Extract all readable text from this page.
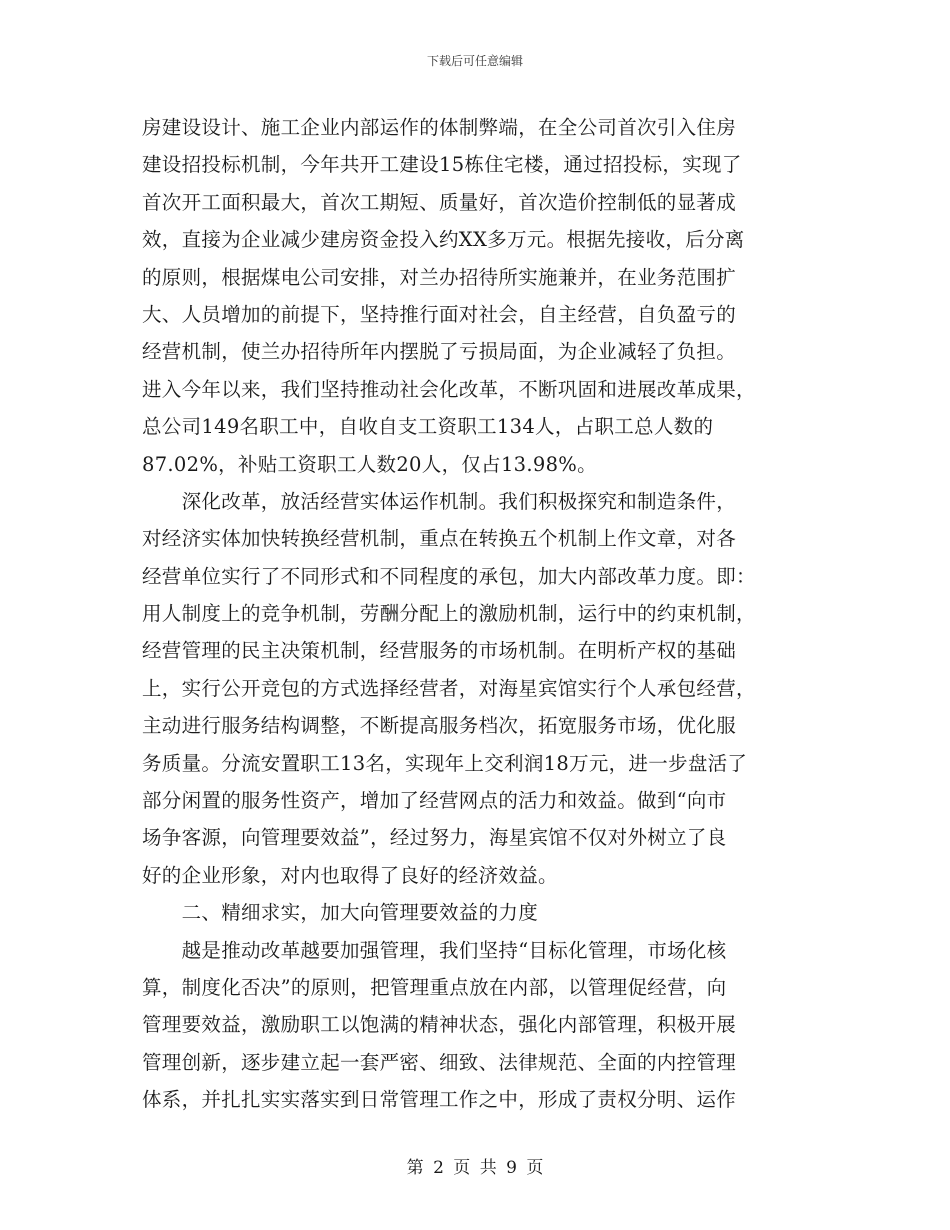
下载后可任意编辑
房建设设计、施工企业内部运作的体制弊端，在全公司首次引入住房
建设招投标机制，今年共开工建设15栋住宅楼，通过招投标，实现了
首次开工面积最大，首次工期短、质量好，首次造价控制低的显著成
效，直接为企业减少建房资金投入约XX多万元。根据先接收，后分离
的原则，根据煤电公司安排，对兰办招待所实施兼并，在业务范围扩
大、人员增加的前提下，坚持推行面对社会，自主经营，自负盈亏的
经营机制，使兰办招待所年内摆脱了亏损局面，为企业减轻了负担。
进入今年以来，我们坚持推动社会化改革，不断巩固和进展改革成果，
总公司149名职工中，自收自支工资职工134人，占职工总人数的
87.02%，补贴工资职工人数20人，仅占13.98%。
　　深化改革，放活经营实体运作机制。我们积极探究和制造条件，
对经济实体加快转换经营机制，重点在转换五个机制上作文章，对各
经营单位实行了不同形式和不同程度的承包，加大内部改革力度。即：
用人制度上的竞争机制，劳酬分配上的激励机制，运行中的约束机制，
经营管理的民主决策机制，经营服务的市场机制。在明析产权的基础
上，实行公开竞包的方式选择经营者，对海星宾馆实行个人承包经营，
主动进行服务结构调整，不断提高服务档次，拓宽服务市场，优化服
务质量。分流安置职工13名，实现年上交利润18万元，进一步盘活了
部分闲置的服务性资产，增加了经营网点的活力和效益。做到“向市
场争客源，向管理要效益”，经过努力，海星宾馆不仅对外树立了良
好的企业形象，对内也取得了良好的经济效益。
　　二、精细求实，加大向管理要效益的力度
　　越是推动改革越要加强管理，我们坚持“目标化管理，市场化核
算，制度化否决”的原则，把管理重点放在内部，以管理促经营，向
管理要效益，激励职工以饱满的精神状态，强化内部管理，积极开展
管理创新，逐步建立起一套严密、细致、法律规范、全面的内控管理
体系，并扎扎实实落实到日常管理工作之中，形成了责权分明、运作
第 2 页 共 9 页
